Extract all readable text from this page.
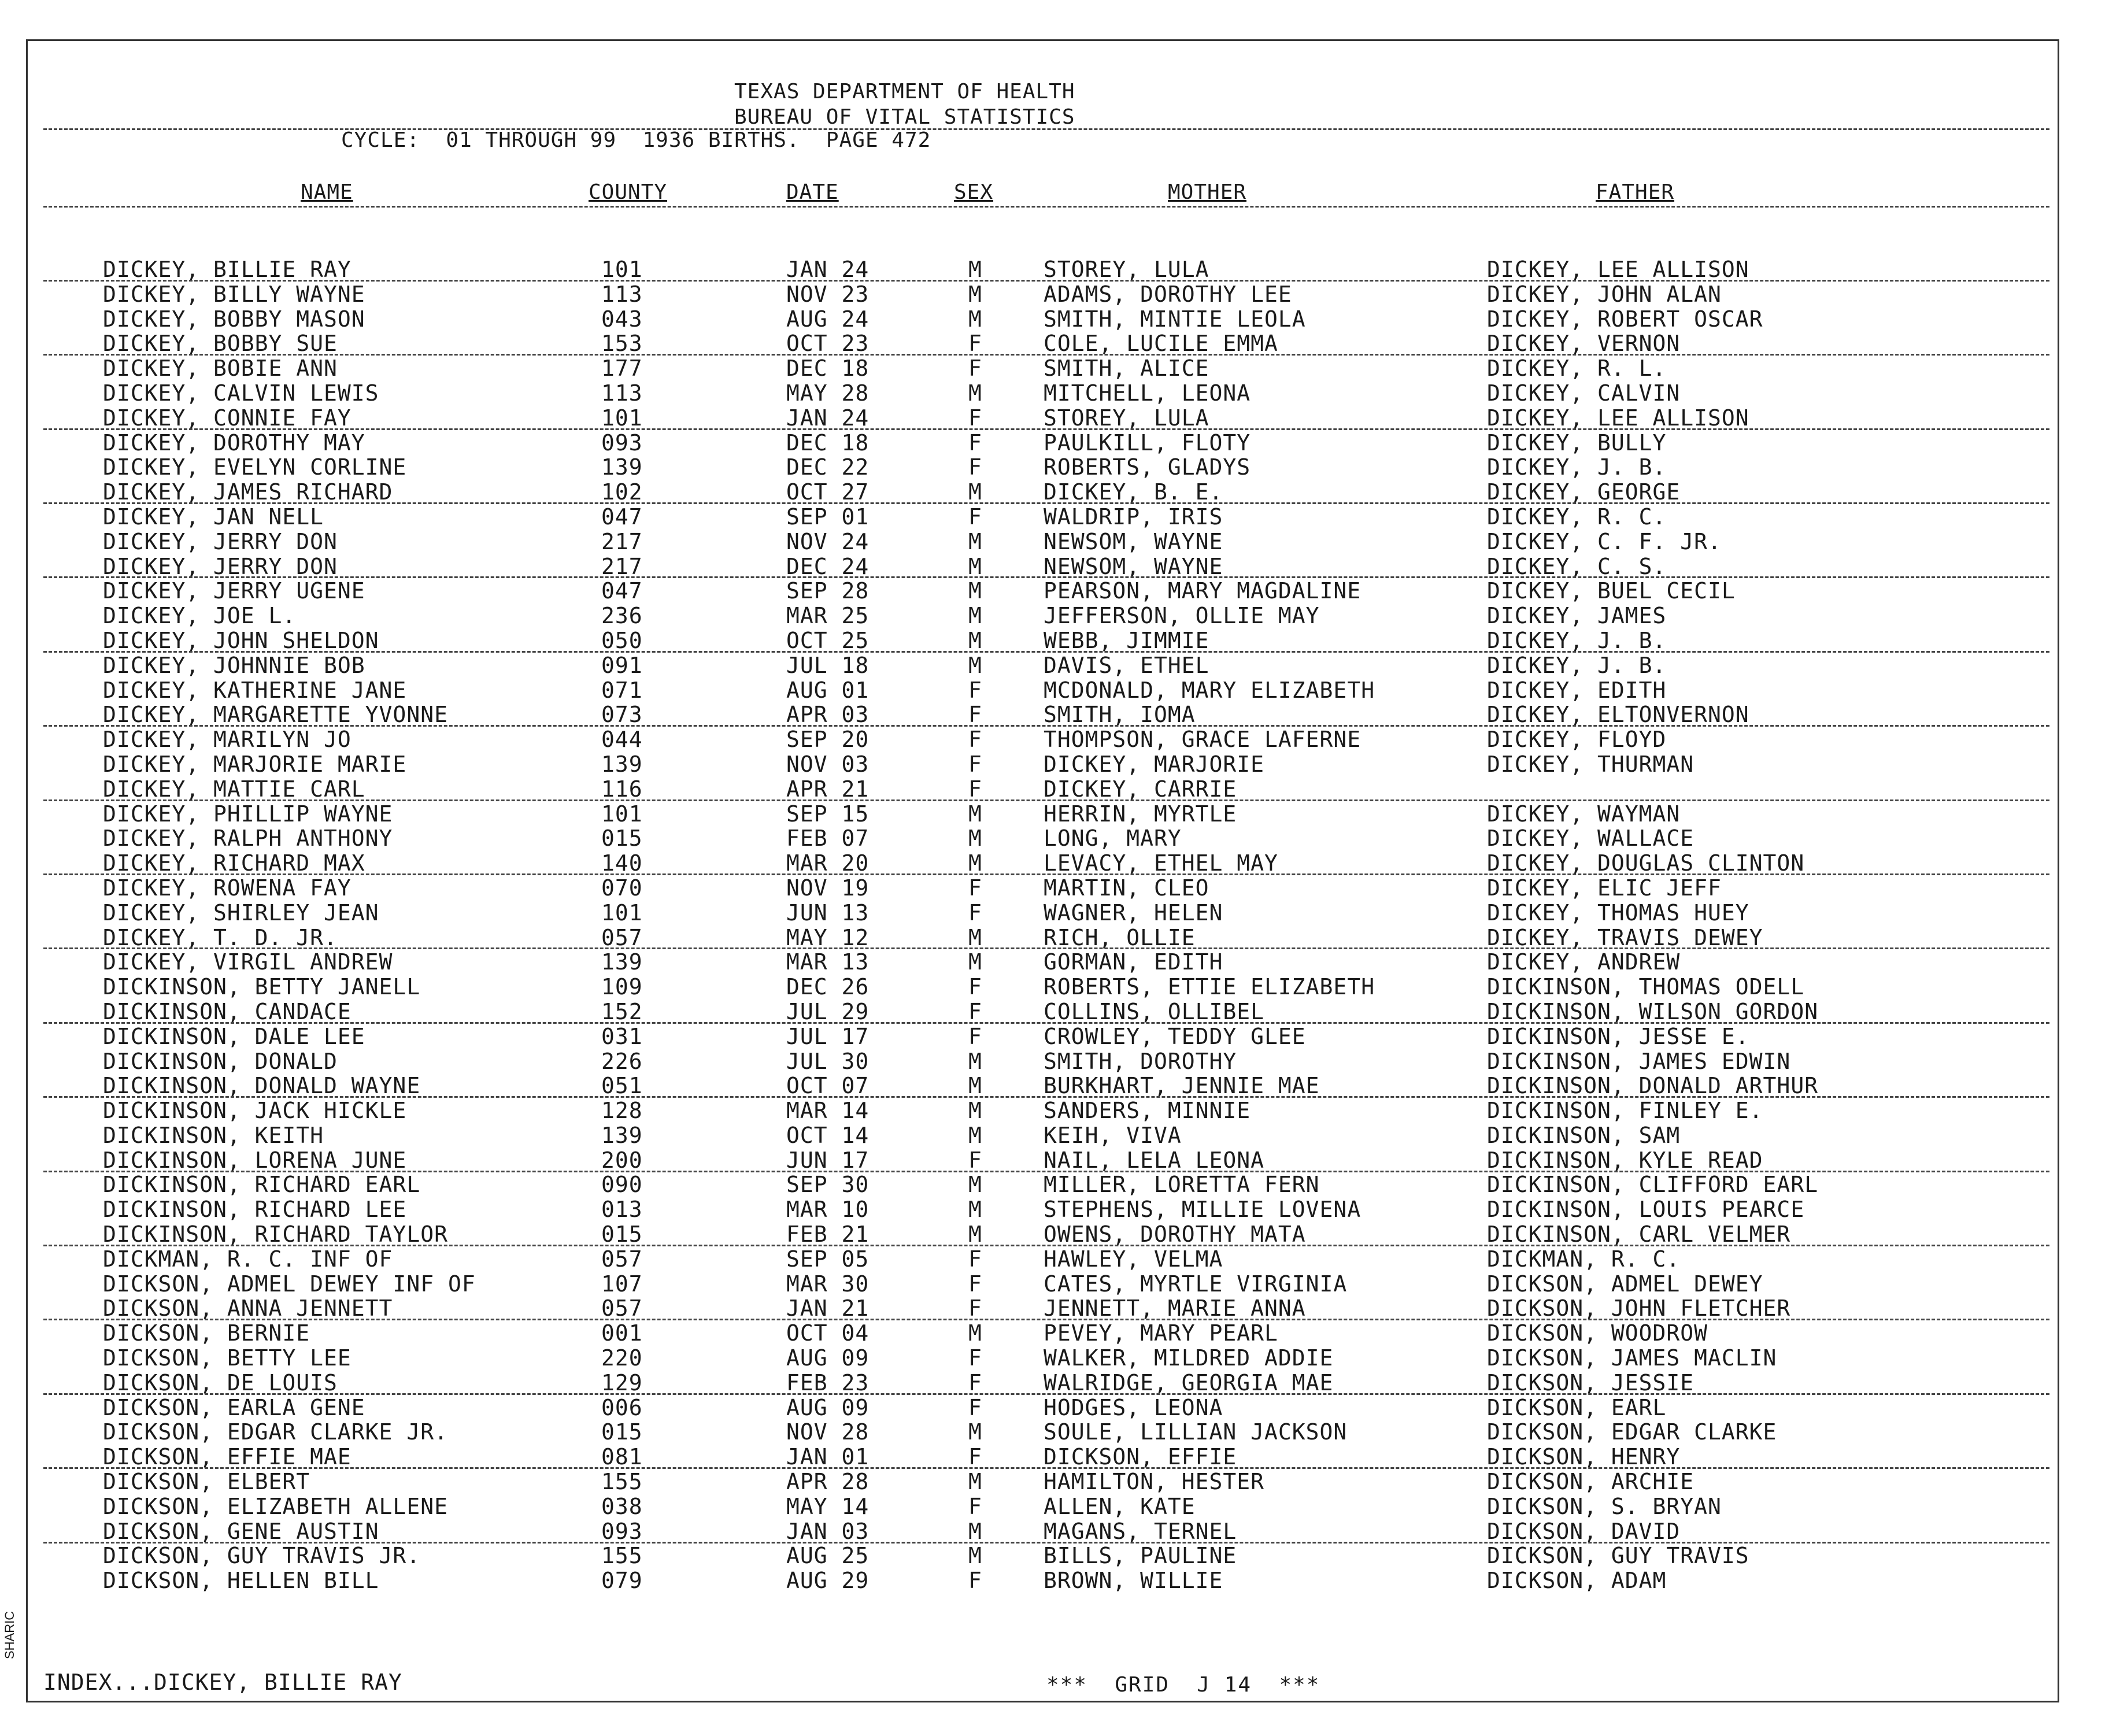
TEXAS DEPARTMENT OF HEALTH
BUREAU OF VITAL STATISTICS
CYCLE:  01 THROUGH 99  1936 BIRTHS.  PAGE 472
NAME	COUNTY	DATE	SEX	MOTHER	FATHER
DICKEY, BILLIE RAY	101	JAN 24	M	STOREY, LULA	DICKEY, LEE ALLISON
DICKEY, BILLY WAYNE	113	NOV 23	M	ADAMS, DOROTHY LEE	DICKEY, JOHN ALAN
DICKEY, BOBBY MASON	043	AUG 24	M	SMITH, MINTIE LEOLA	DICKEY, ROBERT OSCAR
DICKEY, BOBBY SUE	153	OCT 23	F	COLE, LUCILE EMMA	DICKEY, VERNON
DICKEY, BOBIE ANN	177	DEC 18	F	SMITH, ALICE	DICKEY, R. L.
DICKEY, CALVIN LEWIS	113	MAY 28	M	MITCHELL, LEONA	DICKEY, CALVIN
DICKEY, CONNIE FAY	101	JAN 24	F	STOREY, LULA	DICKEY, LEE ALLISON
DICKEY, DOROTHY MAY	093	DEC 18	F	PAULKILL, FLOTY	DICKEY, BULLY
DICKEY, EVELYN CORLINE	139	DEC 22	F	ROBERTS, GLADYS	DICKEY, J. B.
DICKEY, JAMES RICHARD	102	OCT 27	M	DICKEY, B. E.	DICKEY, GEORGE
DICKEY, JAN NELL	047	SEP 01	F	WALDRIP, IRIS	DICKEY, R. C.
DICKEY, JERRY DON	217	NOV 24	M	NEWSOM, WAYNE	DICKEY, C. F. JR.
DICKEY, JERRY DON	217	DEC 24	M	NEWSOM, WAYNE	DICKEY, C. S.
DICKEY, JERRY UGENE	047	SEP 28	M	PEARSON, MARY MAGDALINE	DICKEY, BUEL CECIL
DICKEY, JOE L.	236	MAR 25	M	JEFFERSON, OLLIE MAY	DICKEY, JAMES
DICKEY, JOHN SHELDON	050	OCT 25	M	WEBB, JIMMIE	DICKEY, J. B.
DICKEY, JOHNNIE BOB	091	JUL 18	M	DAVIS, ETHEL	DICKEY, J. B.
DICKEY, KATHERINE JANE	071	AUG 01	F	MCDONALD, MARY ELIZABETH	DICKEY, EDITH
DICKEY, MARGARETTE YVONNE	073	APR 03	F	SMITH, IOMA	DICKEY, ELTONVERNON
DICKEY, MARILYN JO	044	SEP 20	F	THOMPSON, GRACE LAFERNE	DICKEY, FLOYD
DICKEY, MARJORIE MARIE	139	NOV 03	F	DICKEY, MARJORIE	DICKEY, THURMAN
DICKEY, MATTIE CARL	116	APR 21	F	DICKEY, CARRIE
DICKEY, PHILLIP WAYNE	101	SEP 15	M	HERRIN, MYRTLE	DICKEY, WAYMAN
DICKEY, RALPH ANTHONY	015	FEB 07	M	LONG, MARY	DICKEY, WALLACE
DICKEY, RICHARD MAX	140	MAR 20	M	LEVACY, ETHEL MAY	DICKEY, DOUGLAS CLINTON
DICKEY, ROWENA FAY	070	NOV 19	F	MARTIN, CLEO	DICKEY, ELIC JEFF
DICKEY, SHIRLEY JEAN	101	JUN 13	F	WAGNER, HELEN	DICKEY, THOMAS HUEY
DICKEY, T. D. JR.	057	MAY 12	M	RICH, OLLIE	DICKEY, TRAVIS DEWEY
DICKEY, VIRGIL ANDREW	139	MAR 13	M	GORMAN, EDITH	DICKEY, ANDREW
DICKINSON, BETTY JANELL	109	DEC 26	F	ROBERTS, ETTIE ELIZABETH	DICKINSON, THOMAS ODELL
DICKINSON, CANDACE	152	JUL 29	F	COLLINS, OLLIBEL	DICKINSON, WILSON GORDON
DICKINSON, DALE LEE	031	JUL 17	F	CROWLEY, TEDDY GLEE	DICKINSON, JESSE E.
DICKINSON, DONALD	226	JUL 30	M	SMITH, DOROTHY	DICKINSON, JAMES EDWIN
DICKINSON, DONALD WAYNE	051	OCT 07	M	BURKHART, JENNIE MAE	DICKINSON, DONALD ARTHUR
DICKINSON, JACK HICKLE	128	MAR 14	M	SANDERS, MINNIE	DICKINSON, FINLEY E.
DICKINSON, KEITH	139	OCT 14	M	KEIH, VIVA	DICKINSON, SAM
DICKINSON, LORENA JUNE	200	JUN 17	F	NAIL, LELA LEONA	DICKINSON, KYLE READ
DICKINSON, RICHARD EARL	090	SEP 30	M	MILLER, LORETTA FERN	DICKINSON, CLIFFORD EARL
DICKINSON, RICHARD LEE	013	MAR 10	M	STEPHENS, MILLIE LOVENA	DICKINSON, LOUIS PEARCE
DICKINSON, RICHARD TAYLOR	015	FEB 21	M	OWENS, DOROTHY MATA	DICKINSON, CARL VELMER
DICKMAN, R. C. INF OF	057	SEP 05	F	HAWLEY, VELMA	DICKMAN, R. C.
DICKSON, ADMEL DEWEY INF OF	107	MAR 30	F	CATES, MYRTLE VIRGINIA	DICKSON, ADMEL DEWEY
DICKSON, ANNA JENNETT	057	JAN 21	F	JENNETT, MARIE ANNA	DICKSON, JOHN FLETCHER
DICKSON, BERNIE	001	OCT 04	M	PEVEY, MARY PEARL	DICKSON, WOODROW
DICKSON, BETTY LEE	220	AUG 09	F	WALKER, MILDRED ADDIE	DICKSON, JAMES MACLIN
DICKSON, DE LOUIS	129	FEB 23	F	WALRIDGE, GEORGIA MAE	DICKSON, JESSIE
DICKSON, EARLA GENE	006	AUG 09	F	HODGES, LEONA	DICKSON, EARL
DICKSON, EDGAR CLARKE JR.	015	NOV 28	M	SOULE, LILLIAN JACKSON	DICKSON, EDGAR CLARKE
DICKSON, EFFIE MAE	081	JAN 01	F	DICKSON, EFFIE	DICKSON, HENRY
DICKSON, ELBERT	155	APR 28	M	HAMILTON, HESTER	DICKSON, ARCHIE
DICKSON, ELIZABETH ALLENE	038	MAY 14	F	ALLEN, KATE	DICKSON, S. BRYAN
DICKSON, GENE AUSTIN	093	JAN 03	M	MAGANS, TERNEL	DICKSON, DAVID
DICKSON, GUY TRAVIS JR.	155	AUG 25	M	BILLS, PAULINE	DICKSON, GUY TRAVIS
DICKSON, HELLEN BILL	079	AUG 29	F	BROWN, WILLIE	DICKSON, ADAM
INDEX...DICKEY, BILLIE RAY	***  GRID  J 14  ***
SHARIC
